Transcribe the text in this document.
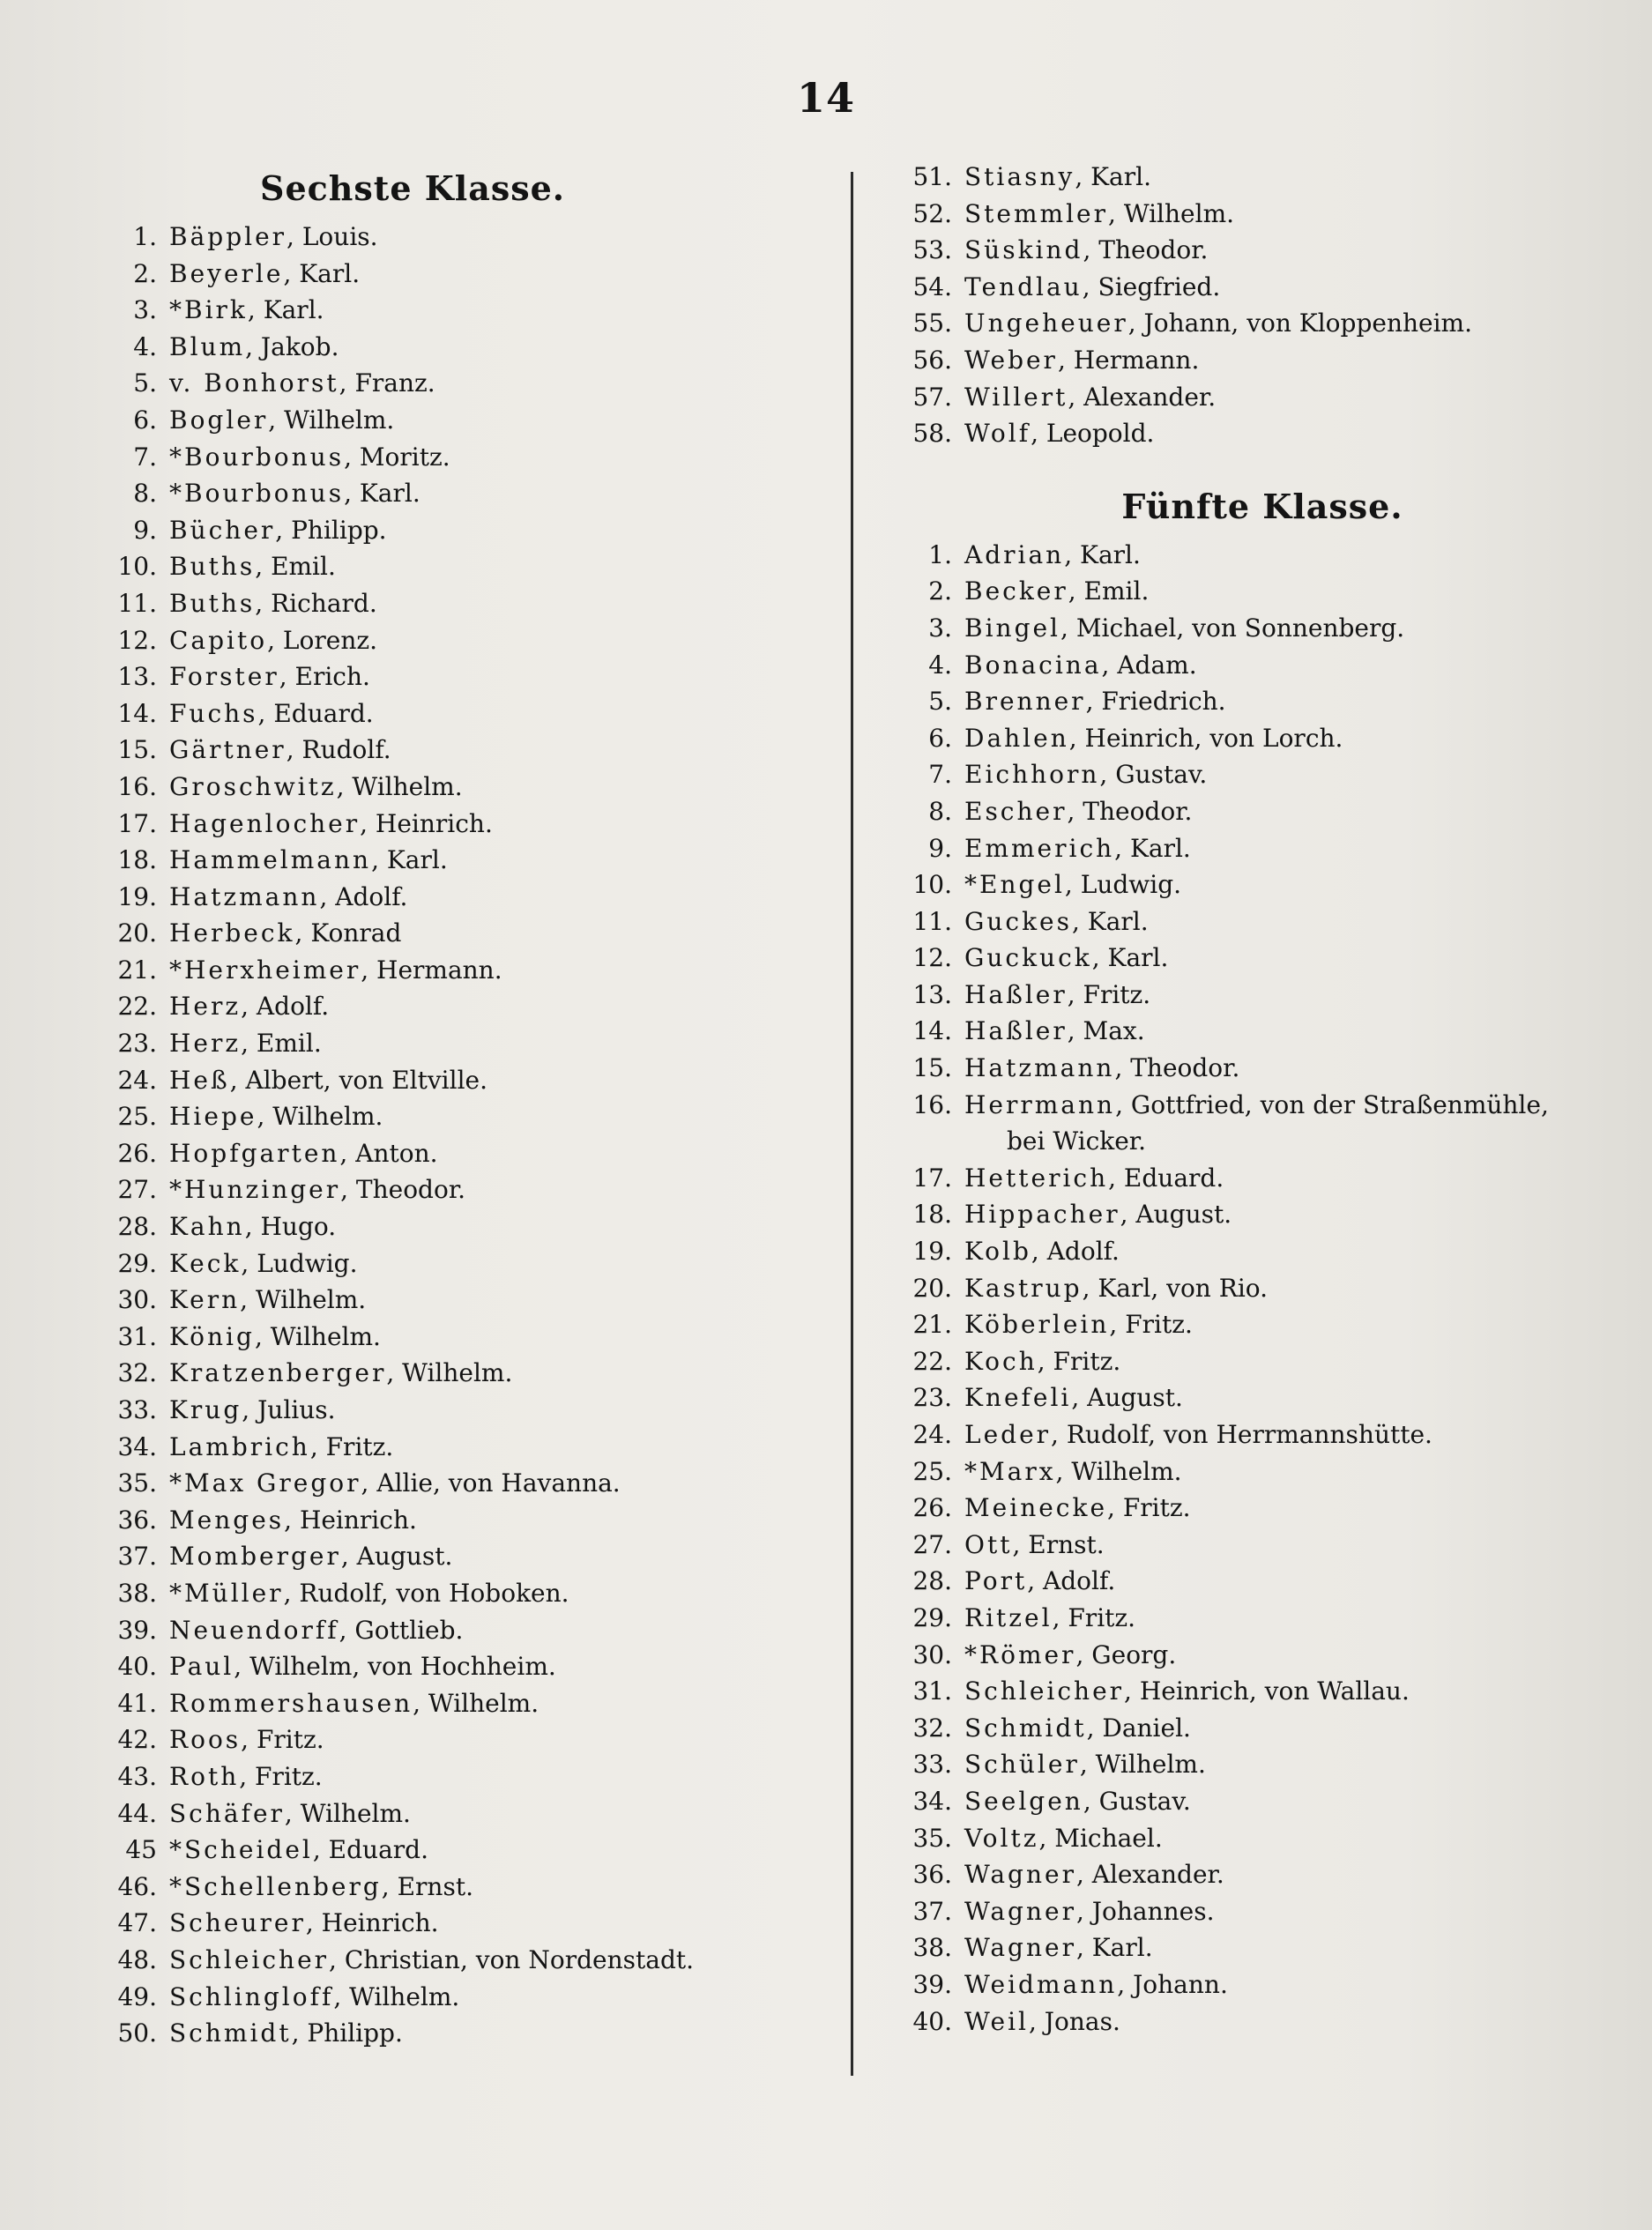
14
Sechste Klasse.
1. Bäppler, Louis.
2. Beyerle, Karl.
3. *Birk, Karl.
4. Blum, Jakob.
5. v. Bonhorst, Franz.
6. Bogler, Wilhelm.
7. *Bourbonus, Moritz.
8. *Bourbonus, Karl.
9. Bücher, Philipp.
10. Buths, Emil.
11. Buths, Richard.
12. Capito, Lorenz.
13. Forster, Erich.
14. Fuchs, Eduard.
15. Gärtner, Rudolf.
16. Groschwitz, Wilhelm.
17. Hagenlocher, Heinrich.
18. Hammelmann, Karl.
19. Hatzmann, Adolf.
20. Herbeck, Konrad
21. *Herxheimer, Hermann.
22. Herz, Adolf.
23. Herz, Emil.
24. Heß, Albert, von Eltville.
25. Hiepe, Wilhelm.
26. Hopfgarten, Anton.
27. *Hunzinger, Theodor.
28. Kahn, Hugo.
29. Keck, Ludwig.
30. Kern, Wilhelm.
31. König, Wilhelm.
32. Kratzenberger, Wilhelm.
33. Krug, Julius.
34. Lambrich, Fritz.
35. *Max Gregor, Allie, von Havanna.
36. Menges, Heinrich.
37. Momberger, August.
38. *Müller, Rudolf, von Hoboken.
39. Neuendorff, Gottlieb.
40. Paul, Wilhelm, von Hochheim.
41. Rommershausen, Wilhelm.
42. Roos, Fritz.
43. Roth, Fritz.
44. Schäfer, Wilhelm.
45 *Scheidel, Eduard.
46. *Schellenberg, Ernst.
47. Scheurer, Heinrich.
48. Schleicher, Christian, von Nordenstadt.
49. Schlingloff, Wilhelm.
50. Schmidt, Philipp.
51. Stiasny, Karl.
52. Stemmler, Wilhelm.
53. Süskind, Theodor.
54. Tendlau, Siegfried.
55. Ungeheuer, Johann, von Kloppenheim.
56. Weber, Hermann.
57. Willert, Alexander.
58. Wolf, Leopold.
Fünfte Klasse.
1. Adrian, Karl.
2. Becker, Emil.
3. Bingel, Michael, von Sonnenberg.
4. Bonacina, Adam.
5. Brenner, Friedrich.
6. Dahlen, Heinrich, von Lorch.
7. Eichhorn, Gustav.
8. Escher, Theodor.
9. Emmerich, Karl.
10. *Engel, Ludwig.
11. Guckes, Karl.
12. Guckuck, Karl.
13. Haßler, Fritz.
14. Haßler, Max.
15. Hatzmann, Theodor.
16. Herrmann, Gottfried, von der Straßenmühle,
bei Wicker.
17. Hetterich, Eduard.
18. Hippacher, August.
19. Kolb, Adolf.
20. Kastrup, Karl, von Rio.
21. Köberlein, Fritz.
22. Koch, Fritz.
23. Knefeli, August.
24. Leder, Rudolf, von Herrmannshütte.
25. *Marx, Wilhelm.
26. Meinecke, Fritz.
27. Ott, Ernst.
28. Port, Adolf.
29. Ritzel, Fritz.
30. *Römer, Georg.
31. Schleicher, Heinrich, von Wallau.
32. Schmidt, Daniel.
33. Schüler, Wilhelm.
34. Seelgen, Gustav.
35. Voltz, Michael.
36. Wagner, Alexander.
37. Wagner, Johannes.
38. Wagner, Karl.
39. Weidmann, Johann.
40. Weil, Jonas.
